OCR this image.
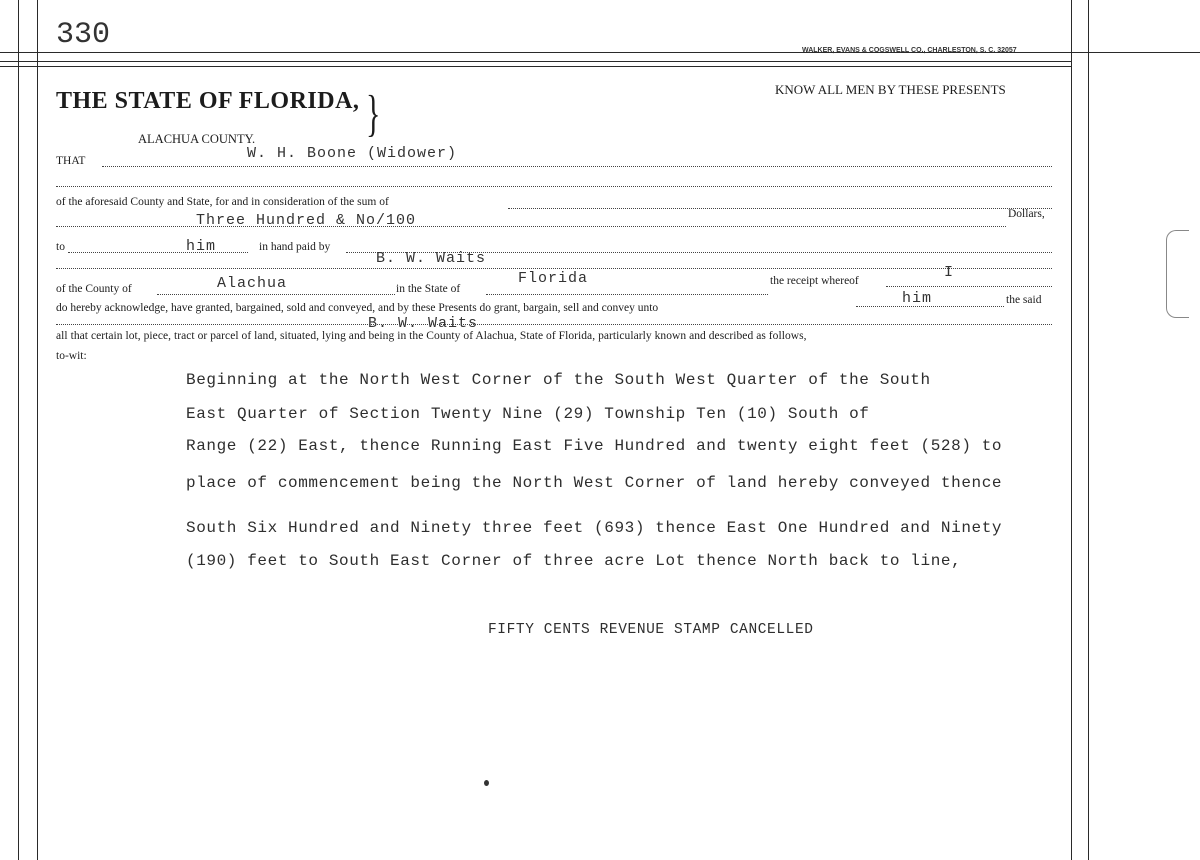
330	WALKER, EVANS & COGSWELL CO., CHARLESTON, S. C. 32057
THE STATE OF FLORIDA, }	KNOW ALL MEN BY THESE PRESENTS
ALACHUA COUNTY.
THAT	W. H. Boone (Widower)
of the aforesaid County and State, for and in consideration of the sum of
Three Hundred & No/100	Dollars,
to	him	in hand paid by
B. W. Waits
of the County of	Alachua	in the State of
Florida	the receipt whereof	I
do hereby acknowledge, have granted, bargained, sold and conveyed, and by these Presents do grant, bargain, sell and convey unto
him	the said
B. W. Waits
all that certain lot, piece, tract or parcel of land, situated, lying and being in the County of Alachua, State of Florida, particularly known and described as follows,
to-wit:
Beginning at the North West Corner of the South West Quarter of the South
East Quarter of Section Twenty Nine (29) Township Ten (10) South of
Range (22) East, thence Running East Five Hundred and twenty eight feet (528) to
place of commencement being the North West Corner of land hereby conveyed thence
South Six Hundred and Ninety three feet (693) thence East One Hundred and Ninety
(190) feet to South East Corner of three acre Lot thence North back to line,
FIFTY CENTS REVENUE STAMP CANCELLED
